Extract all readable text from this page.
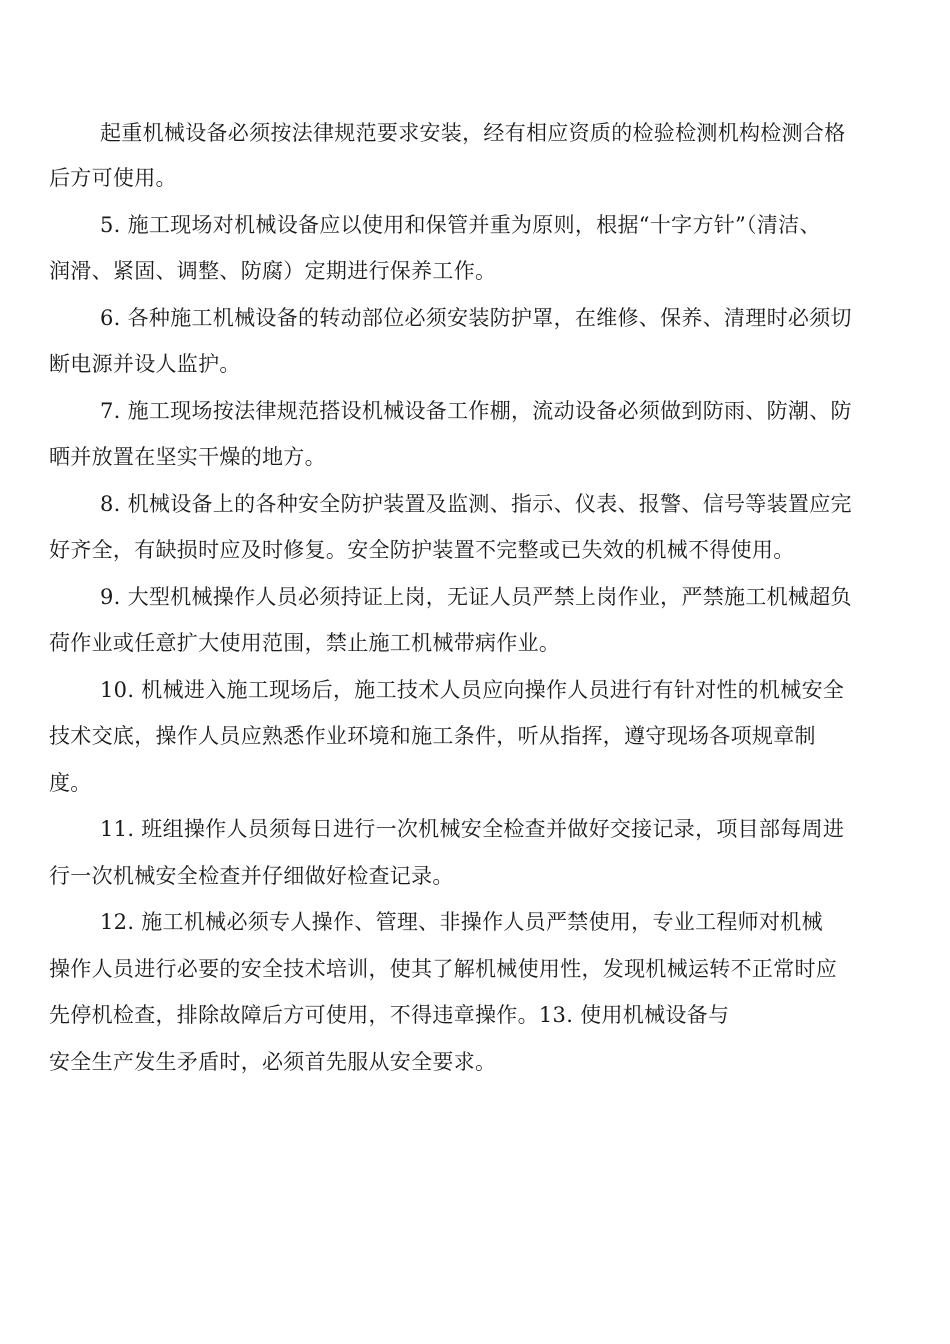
起重机械设备必须按法律规范要求安装，经有相应资质的检验检测机构检测合格

后方可使用。

5. 施工现场对机械设备应以使用和保管并重为原则，根据“十字方针”（清洁、

润滑、紧固、调整、防腐）定期进行保养工作。

6. 各种施工机械设备的转动部位必须安装防护罩，在维修、保养、清理时必须切

断电源并设人监护。

7. 施工现场按法律规范搭设机械设备工作棚，流动设备必须做到防雨、防潮、防

晒并放置在坚实干燥的地方。

8. 机械设备上的各种安全防护装置及监测、指示、仪表、报警、信号等装置应完

好齐全，有缺损时应及时修复。安全防护装置不完整或已失效的机械不得使用。

9. 大型机械操作人员必须持证上岗，无证人员严禁上岗作业，严禁施工机械超负

荷作业或任意扩大使用范围，禁止施工机械带病作业。

10. 机械进入施工现场后，施工技术人员应向操作人员进行有针对性的机械安全

技术交底，操作人员应熟悉作业环境和施工条件，听从指挥，遵守现场各项规章制

度。

11. 班组操作人员须每日进行一次机械安全检查并做好交接记录，项目部每周进

行一次机械安全检查并仔细做好检查记录。

12. 施工机械必须专人操作、管理、非操作人员严禁使用，专业工程师对机械

操作人员进行必要的安全技术培训，使其了解机械使用性，发现机械运转不正常时应

先停机检查，排除故障后方可使用，不得违章操作。13. 使用机械设备与

安全生产发生矛盾时，必须首先服从安全要求。
